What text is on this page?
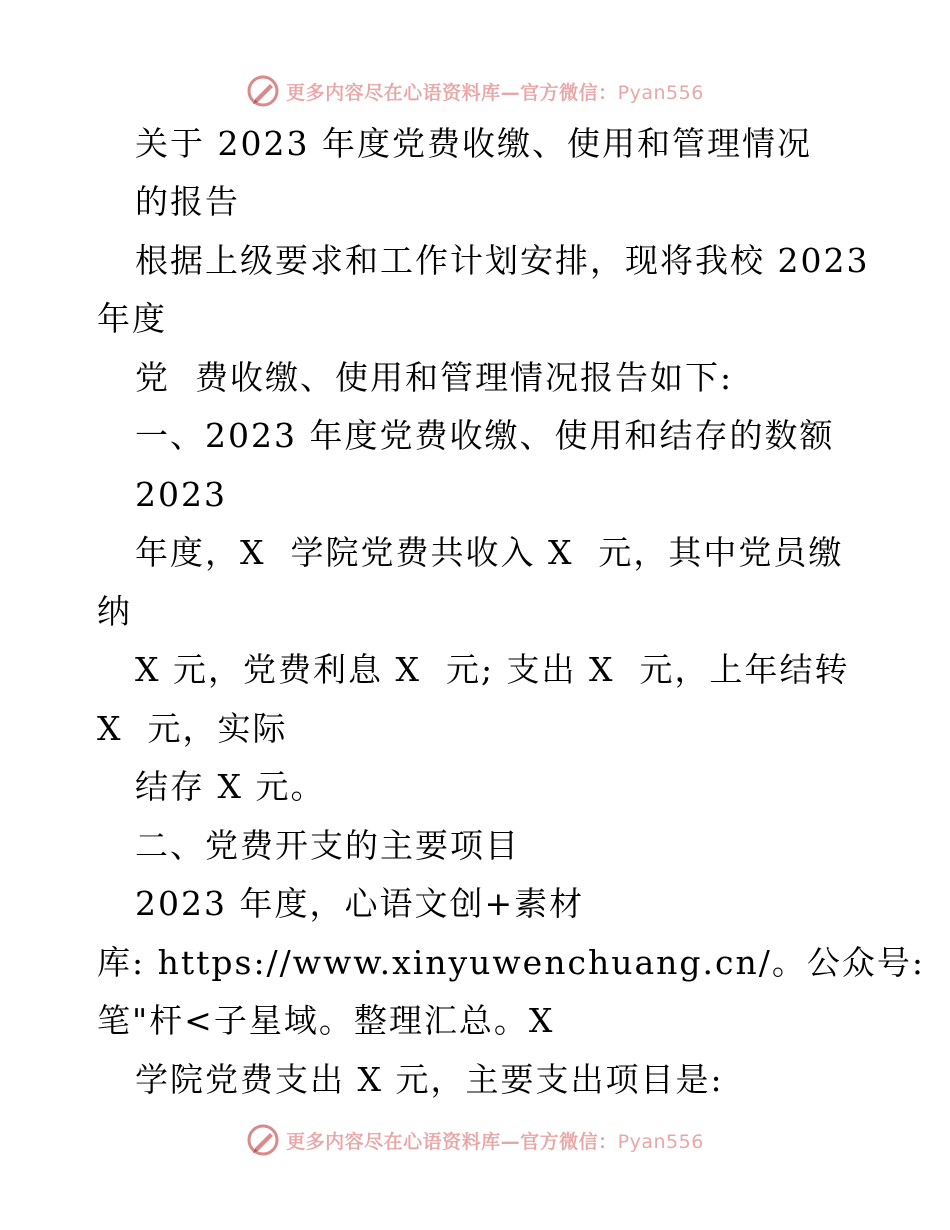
更多内容尽在心语资料库—官方微信：Pyan556
关于 2023 年度党费收缴、使用和管理情况
的报告
根据上级要求和工作计划安排，现将我校 2023
年度
党  费收缴、使用和管理情况报告如下:
一、2023 年度党费收缴、使用和结存的数额
2023
年度，X  学院党费共收入 X  元，其中党员缴
纳
X 元，党费利息 X  元; 支出 X  元，上年结转
X  元，实际
结存 X 元。
二、党费开支的主要项目
2023 年度，心语文创+素材
库: https://www.xinyuwenchuang.cn/。公众号:
笔"杆<子星域。整理汇总。X
学院党费支出 X 元，主要支出项目是:
更多内容尽在心语资料库—官方微信：Pyan556
